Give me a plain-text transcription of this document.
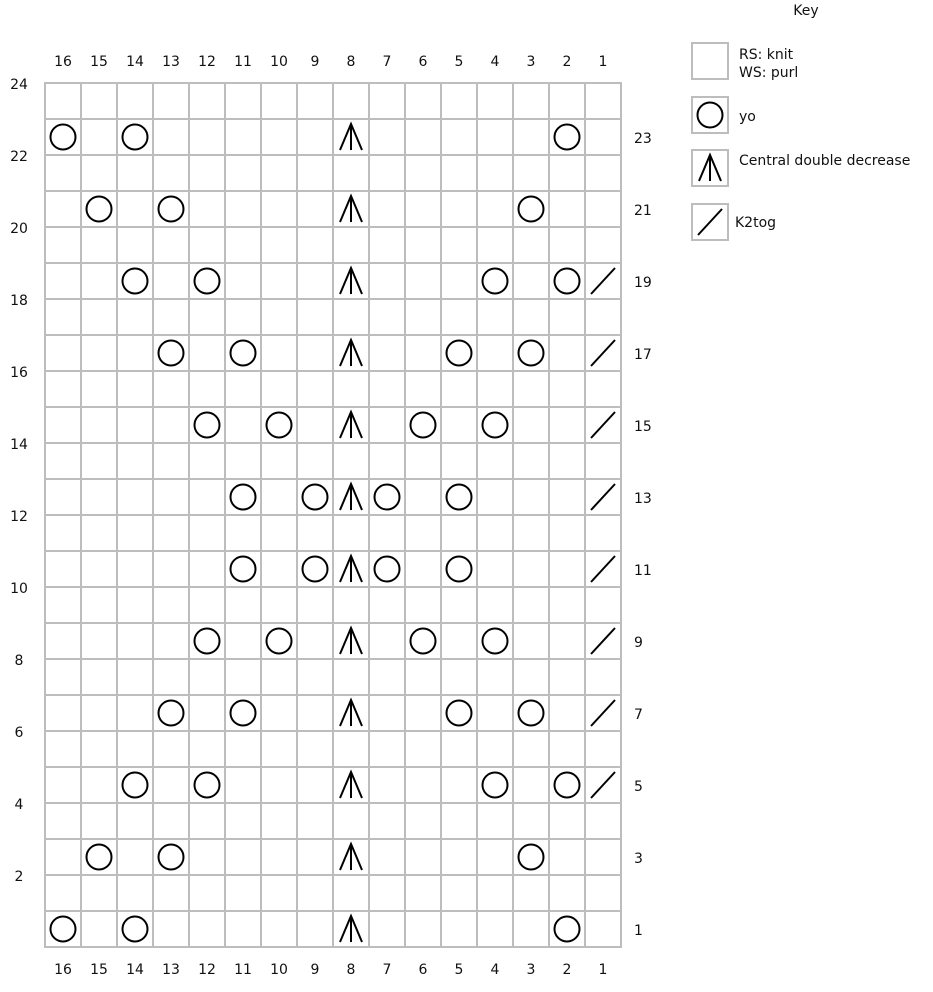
16 15 14 13 12 11 10 9 8 7 6 5 4 3 2 1
16 15 14 13 12 11 10 9 8 7 6 5 4 3 2 1
1
2
3
4
5
6
7
8
9
10
11
12
13
14
15
16
17
18
19
20
21
22
23
24
Key
RS: knit
WS: purl
yo
Central double decrease
K2tog
